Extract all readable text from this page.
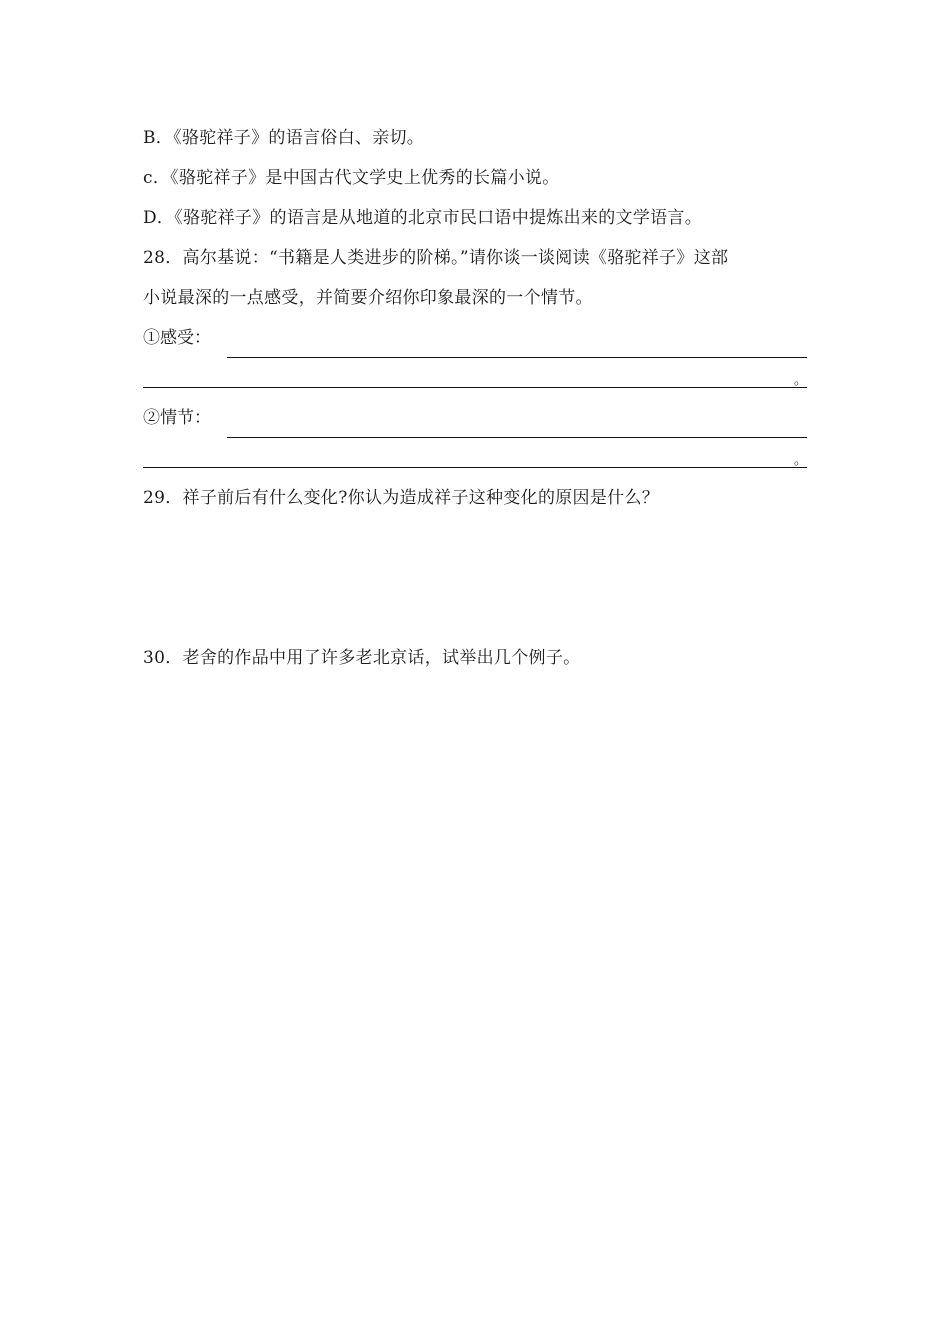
B．《骆驼祥子》的语言俗白、亲切。
c．《骆驼祥子》是中国古代文学史上优秀的长篇小说。
D．《骆驼祥子》的语言是从地道的北京市民口语中提炼出来的文学语言。
28．高尔基说：“书籍是人类进步的阶梯。”请你谈一谈阅读《骆驼祥子》这部
小说最深的一点感受，并简要介绍你印象最深的一个情节。
①感受：
。
②情节：
。
29．祥子前后有什么变化?你认为造成祥子这种变化的原因是什么？
30．老舍的作品中用了许多老北京话，试举出几个例子。
